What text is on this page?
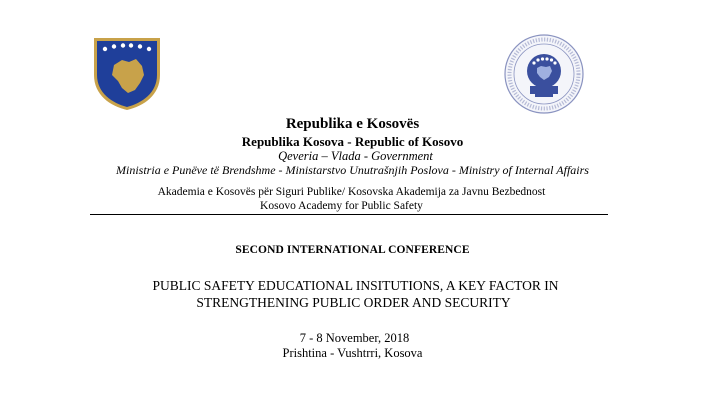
Republika e Kosovës
Republika Kosova - Republic of Kosovo
Qeveria – Vlada - Government
Ministria e Punëve të Brendshme - Ministarstvo Unutrašnjih Poslova - Ministry of Internal Affairs
Akademia e Kosovës për Siguri Publike/ Kosovska Akademija za Javnu Bezbednost
Kosovo Academy for Public Safety
SECOND INTERNATIONAL CONFERENCE
PUBLIC SAFETY EDUCATIONAL INSITUTIONS, A KEY FACTOR IN
STRENGTHENING PUBLIC ORDER AND SECURITY
7 - 8 November, 2018
Prishtina - Vushtrri, Kosova
